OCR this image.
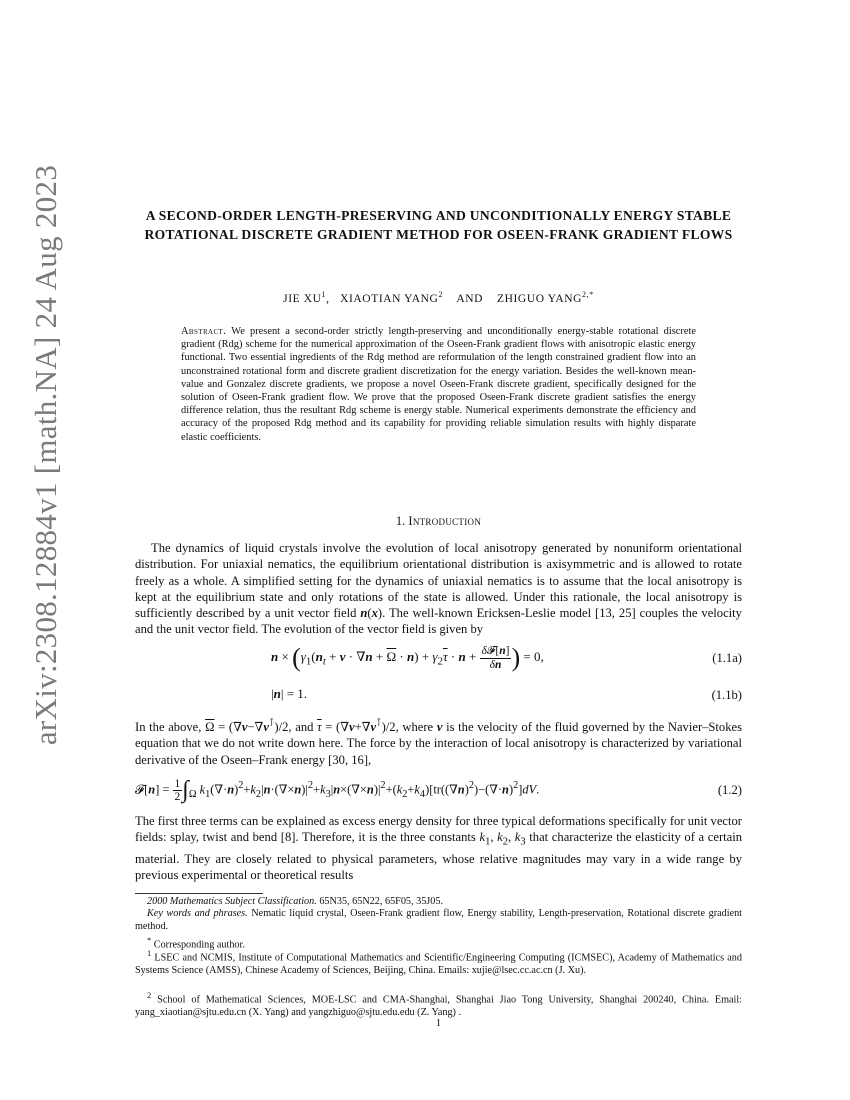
arXiv:2308.12884v1 [math.NA] 24 Aug 2023	A SECOND-ORDER LENGTH-PRESERVING AND UNCONDITIONALLY ENERGY STABLE ROTATIONAL DISCRETE GRADIENT METHOD FOR OSEEN-FRANK GRADIENT FLOWS
JIE $XU^1$,   XIAOTIAN YANG$^2$ AND ZHIGUO $YANG^{2,*}$
Abstract. We present a second-order strictly length-preserving and unconditionally energy-stable rotational discrete gradient (Rdg) scheme for the numerical approximation of the Oseen-Frank gradient flows with anisotropic elastic energy functional. Two essential ingredients of the Rdg method are reformulation of the length constrained gradient flow into an unconstrained rotational form and discrete gradient discretization for the energy variation. Besides the well-known mean-value and Gonzalez discrete gradients, we propose a novel Oseen-Frank discrete gradient, specifically designed for the solution of Oseen-Frank gradient flow. We prove that the proposed Oseen-Frank discrete gradient satisfies the energy difference relation, thus the resultant Rdg scheme is energy stable. Numerical experiments demonstrate the efficiency and accuracy of the proposed Rdg method and its capability for providing reliable simulation results with highly disparate elastic coefficients.
1. Introduction
The dynamics of liquid crystals involve the evolution of local anisotropy generated by nonuniform orientational distribution. For uniaxial nematics, the equilibrium orientational distribution is axisymmetric and is allowed to rotate freely as a whole. A simplified setting for the dynamics of uniaxial nematics is to assume that the local anisotropy is kept at the equilibrium state and only rotations of the state is allowed. Under this rationale, the local anisotropy is sufficiently described by a unit vector field n(x). The well-known Ericksen-Leslie model [13, 25] couples the velocity and the unit vector field. The evolution of the vector field is given by
$n \times (\gamma_1(n_t + v \cdot \nabla n + \overline{\Omega} \cdot n) + \gamma_2\overline{\tau} \cdot n + \frac{\text{δ𝓕[n]}}{\delta n}$ ) = 0,	(1.1a)
|n| = 1.	(1.1b)
In the above, $\overline{\Omega} = (\nabla v-\nabla v^⊺)/2$, and $\overline{\tau} = (\nabla v+\nabla v^⊺)/2$, where v is the velocity of the fluid governed by the Navier–Stokes equation that we do not write down here. The force by the interaction of local anisotropy is characterized by variational derivative of the Oseen–Frank energy [30, 16],
𝓕[n] = $\frac{1}{2} \int_\Omega$ $k_1(\nabla\cdot n)^2+k_2|n\cdot(\nabla\times n)|^2+k_3|n\times(\nabla\times n)|^2+(k_2+k_4)[tr((\nabla n)^2)-(\nabla\cdot n)^2]dV$.	(1.2)
The first three terms can be explained as excess energy density for three typical deformations specifically for unit vector fields: splay, twist and bend [8]. Therefore, it is the three constants $k_1$, $k_2$, $k_3$ that characterize the elasticity of a certain material. They are closely related to physical parameters, whose relative magnitudes may vary in a wide range by previous experimental or theoretical results
2000 Mathematics Subject Classification. 65N35, 65N22, 65F05, 35J05.
Key words and phrases. Nematic liquid crystal, Oseen-Frank gradient flow, Energy stability, Length-preservation, Rotational discrete gradient method.
* Corresponding author.
$^1$ LSEC and NCMIS, Institute of Computational Mathematics and Scientific/Engineering Computing (ICMSEC), Academy of Mathematics and Systems Science (AMSS), Chinese Academy of Sciences, Beijing, China. Emails: xujie@lsec.cc.ac.cn (J. Xu).
$^2$ School of Mathematical Sciences, MOE-LSC and CMA-Shanghai, Shanghai Jiao Tong University, Shanghai 200240, China. Email: yang_xiaotian@sjtu.edu.cn (X. Yang) and yangzhiguo@sjtu.edu.edu (Z. Yang) .
1
